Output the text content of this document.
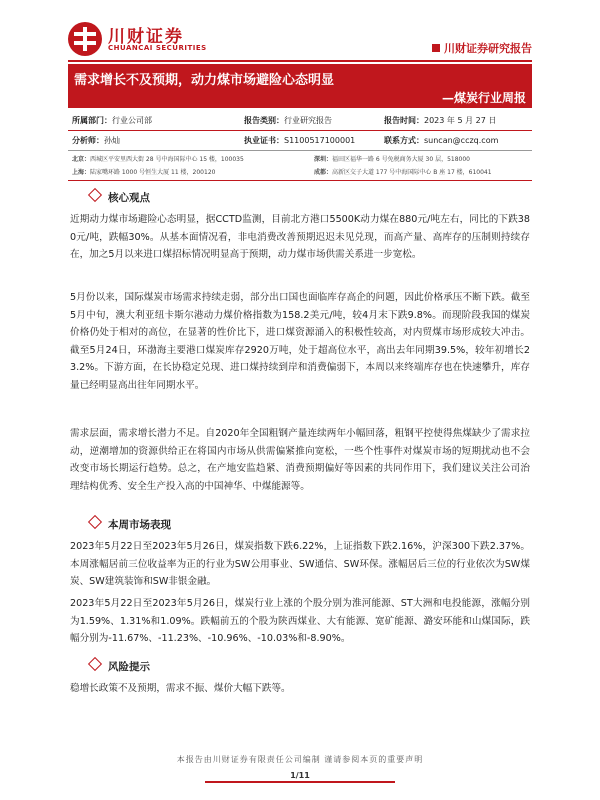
川财证券
CHUANCAI SECURITIES	川财证券研究报告
需求增长不及预期，动力煤市场避险心态明显
—煤炭行业周报
所属部门：行业公司部	报告类别：行业研究报告	报告时间：2023 年 5 月 27 日
分析师：孙灿	执业证书：S1100517100001	联系方式：suncan@cczq.com
北京：西城区平安里西大街 28 号中海国际中心 15 楼，100035	深圳：福田区福华一路 6 号免税商务大厦 30 层，518000
上海：陆家嘴环路 1000 号恒生大厦 11 楼，200120	成都：高新区交子大道 177 号中海国际中心 B 座 17 楼，610041
核心观点
近期动力煤市场避险心态明显，据CCTD监测，目前北方港口5500K动力煤在880元/吨左右，同比的下跌380元/吨，跌幅30%。从基本面情况看，非电消费改善预期迟迟未见兑现，而高产量、高库存的压制则持续存在，加之5月以来进口煤招标情况明显高于预期，动力煤市场供需关系进一步宽松。
5月份以来，国际煤炭市场需求持续走弱，部分出口国也面临库存高企的问题，因此价格承压不断下跌。截至5月中旬，澳大利亚纽卡斯尔港动力煤价格指数为158.2美元/吨，较4月末下跌9.8%。而现阶段我国的煤炭价格仍处于相对的高位，在显著的性价比下，进口煤资源涌入的积极性较高，对内贸煤市场形成较大冲击。截至5月24日，环渤海主要港口煤炭库存2920万吨，处于超高位水平，高出去年同期39.5%，较年初增长23.2%。下游方面，在长协稳定兑现、进口煤持续到岸和消费偏弱下，本周以来终端库存也在快速攀升，库存量已经明显高出往年同期水平。
需求层面，需求增长潜力不足。自2020年全国粗钢产量连续两年小幅回落，粗钢平控使得焦煤缺少了需求拉动，逆潮增加的资源供给正在将国内市场从供需偏紧推向宽松，一些个性事件对煤炭市场的短期扰动也不会改变市场长期运行趋势。总之，在产地安监趋紧、消费预期偏好等因素的共同作用下，我们建议关注公司治理结构优秀、安全生产投入高的中国神华、中煤能源等。
本周市场表现
2023年5月22日至2023年5月26日，煤炭指数下跌6.22%，上证指数下跌2.16%，沪深300下跌2.37%。本周涨幅居前三位收益率为正的行业为SW公用事业、SW通信、SW环保。涨幅居后三位的行业依次为SW煤炭、SW建筑装饰和SW非银金融。
2023年5月22日至2023年5月26日，煤炭行业上涨的个股分别为淮河能源、ST大洲和电投能源，涨幅分别为1.59%、1.31%和1.09%。跌幅前五的个股为陕西煤业、大有能源、宽矿能源、潞安环能和山煤国际，跌幅分别为-11.67%、-11.23%、-10.96%、-10.03%和-8.90%。
风险提示
稳增长政策不及预期，需求不振、煤价大幅下跌等。
本报告由川财证券有限责任公司编制 谨请参阅本页的重要声明
1/11
